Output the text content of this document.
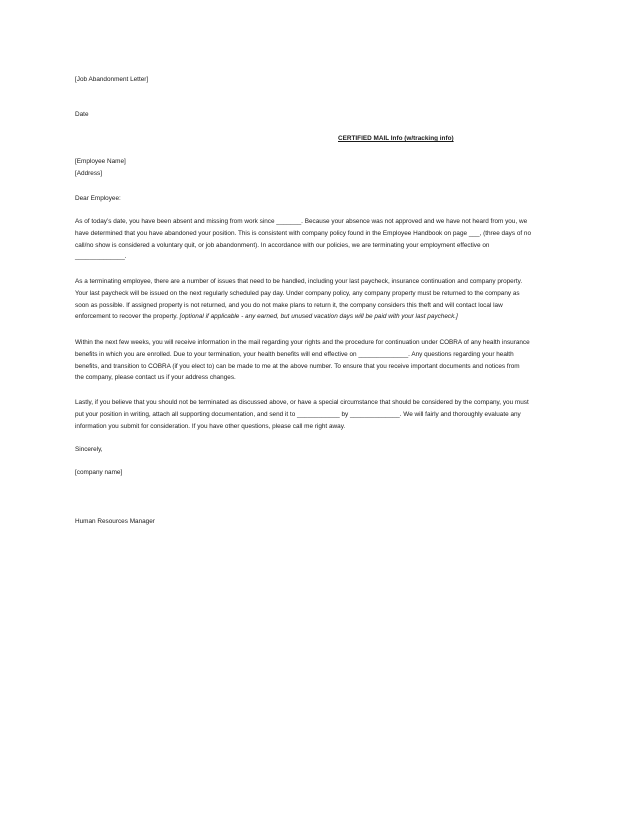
[Job Abandonment Letter]
Date
CERTIFIED MAIL Info (w/tracking info)
[Employee Name]
[Address]
Dear Employee:
As of today’s date, you have been absent and missing from work since _______. Because your absence was not approved and we have not heard from you, we
have determined that you have abandoned your position. This is consistent with company policy found in the Employee Handbook on page ___, (three days of no
call/no show is considered a voluntary quit, or job abandonment). In accordance with our policies, we are terminating your employment effective on
______________.
As a terminating employee, there are a number of issues that need to be handled, including your last paycheck, insurance continuation and company property.
Your last paycheck will be issued on the next regularly scheduled pay day. Under company policy, any company property must be returned to the company as
soon as possible. If assigned property is not returned, and you do not make plans to return it, the company considers this theft and will contact local law
enforcement to recover the property. [optional if applicable - any earned, but unused vacation days will be paid with your last paycheck.]
Within the next few weeks, you will receive information in the mail regarding your rights and the procedure for continuation under COBRA of any health insurance
benefits in which you are enrolled. Due to your termination, your health benefits will end effective on ______________. Any questions regarding your health
benefits, and transition to COBRA (if you elect to) can be made to me at the above number. To ensure that you receive important documents and notices from
the company, please contact us if your address changes.
Lastly, if you believe that you should not be terminated as discussed above, or have a special circumstance that should be considered by the company, you must
put your position in writing, attach all supporting documentation, and send it to ____________ by ______________. We will fairly and thoroughly evaluate any
information you submit for consideration. If you have other questions, please call me right away.
Sincerely,
[company name]
Human Resources Manager
